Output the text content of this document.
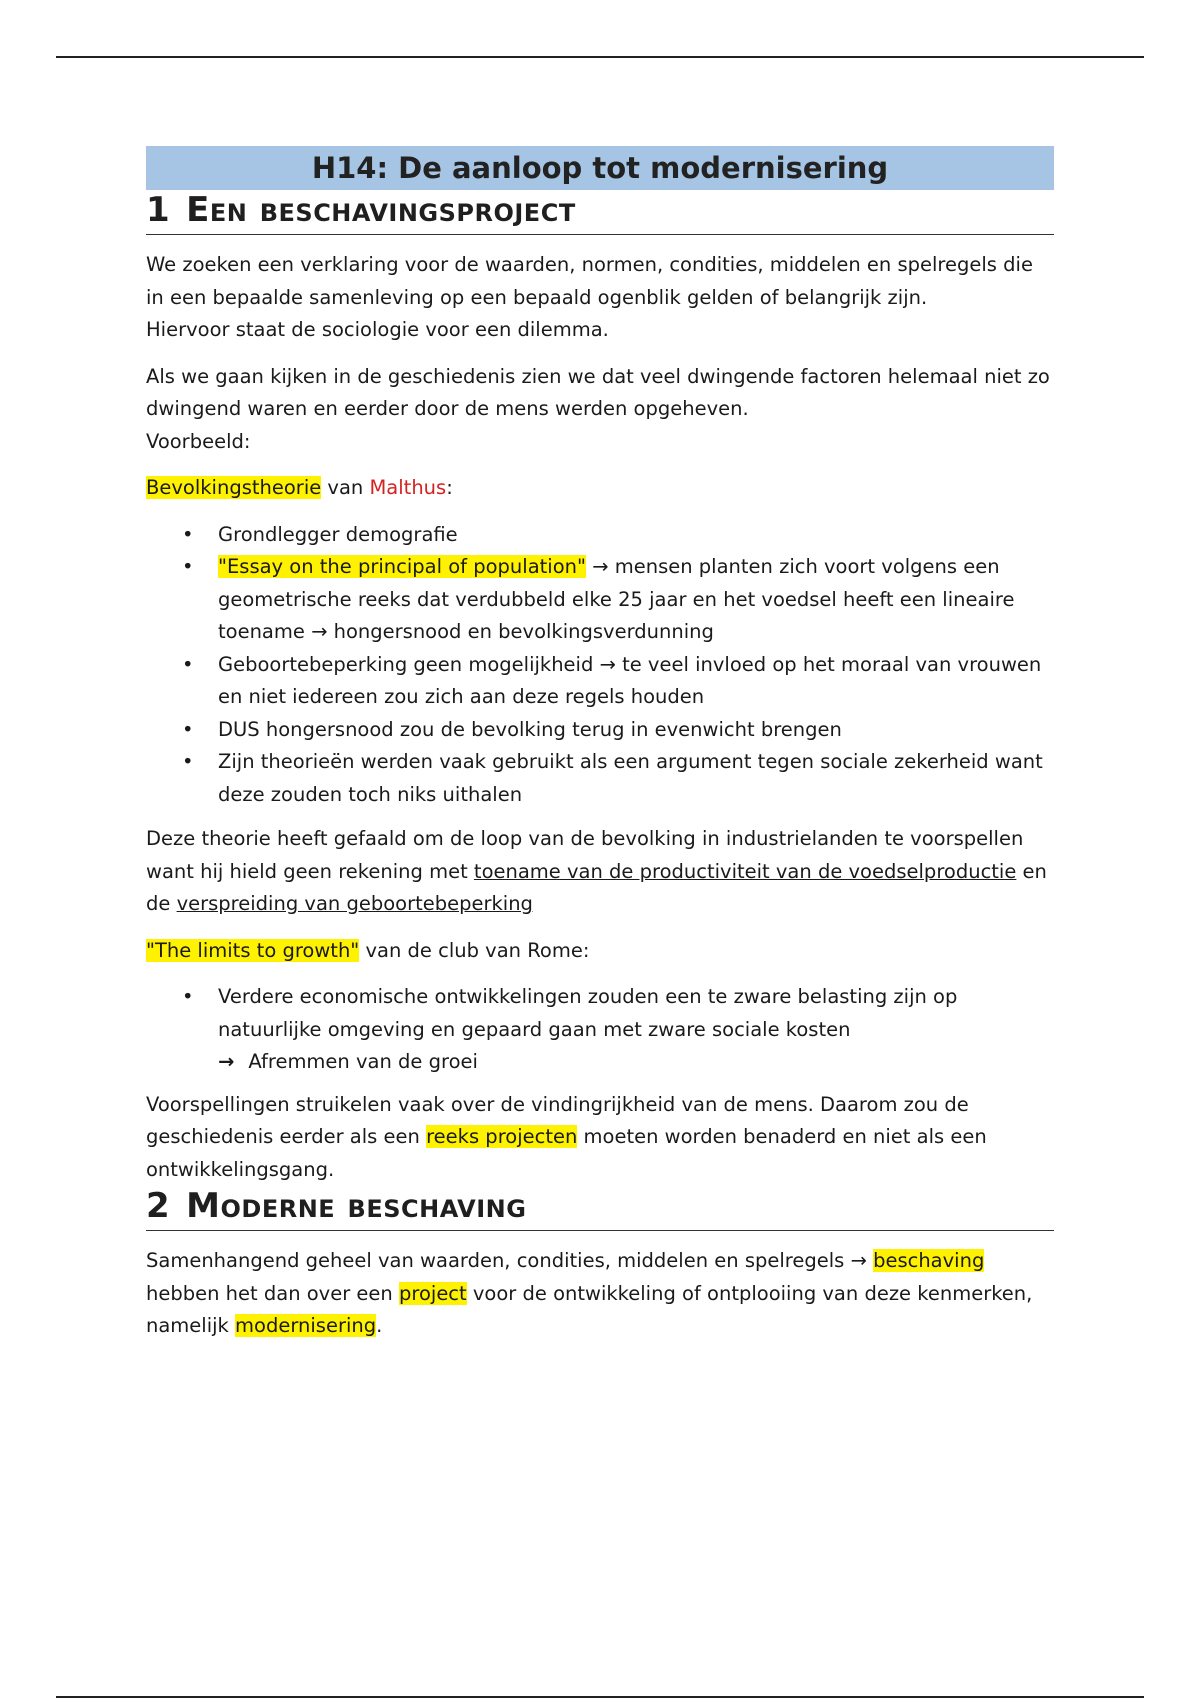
H14: De aanloop tot modernisering
1 Een beschavingsproject

We zoeken een verklaring voor de waarden, normen, condities, middelen en spelregels die
in een bepaalde samenleving op een bepaald ogenblik gelden of belangrijk zijn.
Hiervoor staat de sociologie voor een dilemma.

Als we gaan kijken in de geschiedenis zien we dat veel dwingende factoren helemaal niet zo
dwingend waren en eerder door de mens werden opgeheven.
Voorbeeld:

Bevolkingstheorie van Malthus:

• Grondlegger demografie
• "Essay on the principal of population" → mensen planten zich voort volgens een geometrische reeks dat verdubbeld elke 25 jaar en het voedsel heeft een lineaire toename → hongersnood en bevolkingsverdunning
• Geboortebeperking geen mogelijkheid → te veel invloed op het moraal van vrouwen en niet iedereen zou zich aan deze regels houden
• DUS hongersnood zou de bevolking terug in evenwicht brengen
• Zijn theorieën werden vaak gebruikt als een argument tegen sociale zekerheid want deze zouden toch niks uithalen

Deze theorie heeft gefaald om de loop van de bevolking in industrielanden te voorspellen want hij hield geen rekening met toename van de productiviteit van de voedselproductie en de verspreiding van geboortebeperking

"The limits to growth" van de club van Rome:

• Verdere economische ontwikkelingen zouden een te zware belasting zijn op natuurlijke omgeving en gepaard gaan met zware sociale kosten
→ Afremmen van de groei

Voorspellingen struikelen vaak over de vindingrijkheid van de mens. Daarom zou de geschiedenis eerder als een reeks projecten moeten worden benaderd en niet als een ontwikkelingsgang.

2 Moderne beschaving

Samenhangend geheel van waarden, condities, middelen en spelregels → beschaving hebben het dan over een project voor de ontwikkeling of ontplooiing van deze kenmerken, namelijk modernisering.
